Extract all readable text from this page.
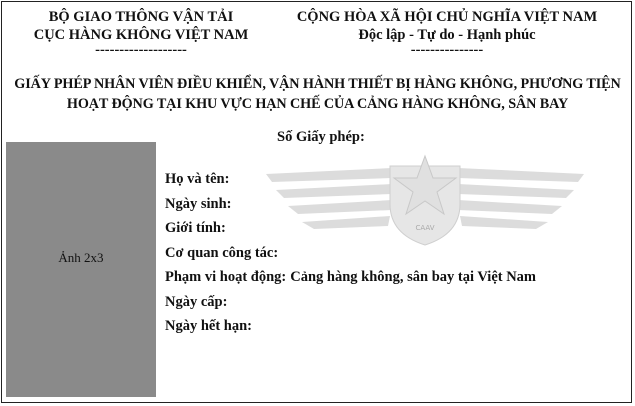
BỘ GIAO THÔNG VẬN TẢI
CỤC HÀNG KHÔNG VIỆT NAM
-------------------
CỘNG HÒA XÃ HỘI CHỦ NGHĨA VIỆT NAM
Độc lập - Tự do - Hạnh phúc
---------------
GIẤY PHÉP NHÂN VIÊN ĐIỀU KHIỂN, VẬN HÀNH THIẾT BỊ HÀNG KHÔNG, PHƯƠNG TIỆN
HOẠT ĐỘNG TẠI KHU VỰC HẠN CHẾ CỦA CẢNG HÀNG KHÔNG, SÂN BAY
Số Giấy phép:
Ảnh 2x3
CAAV
Họ và tên:
Ngày sinh:
Giới tính:
Cơ quan công tác:
Phạm vi hoạt động: Cảng hàng không, sân bay tại Việt Nam
Ngày cấp:
Ngày hết hạn:
